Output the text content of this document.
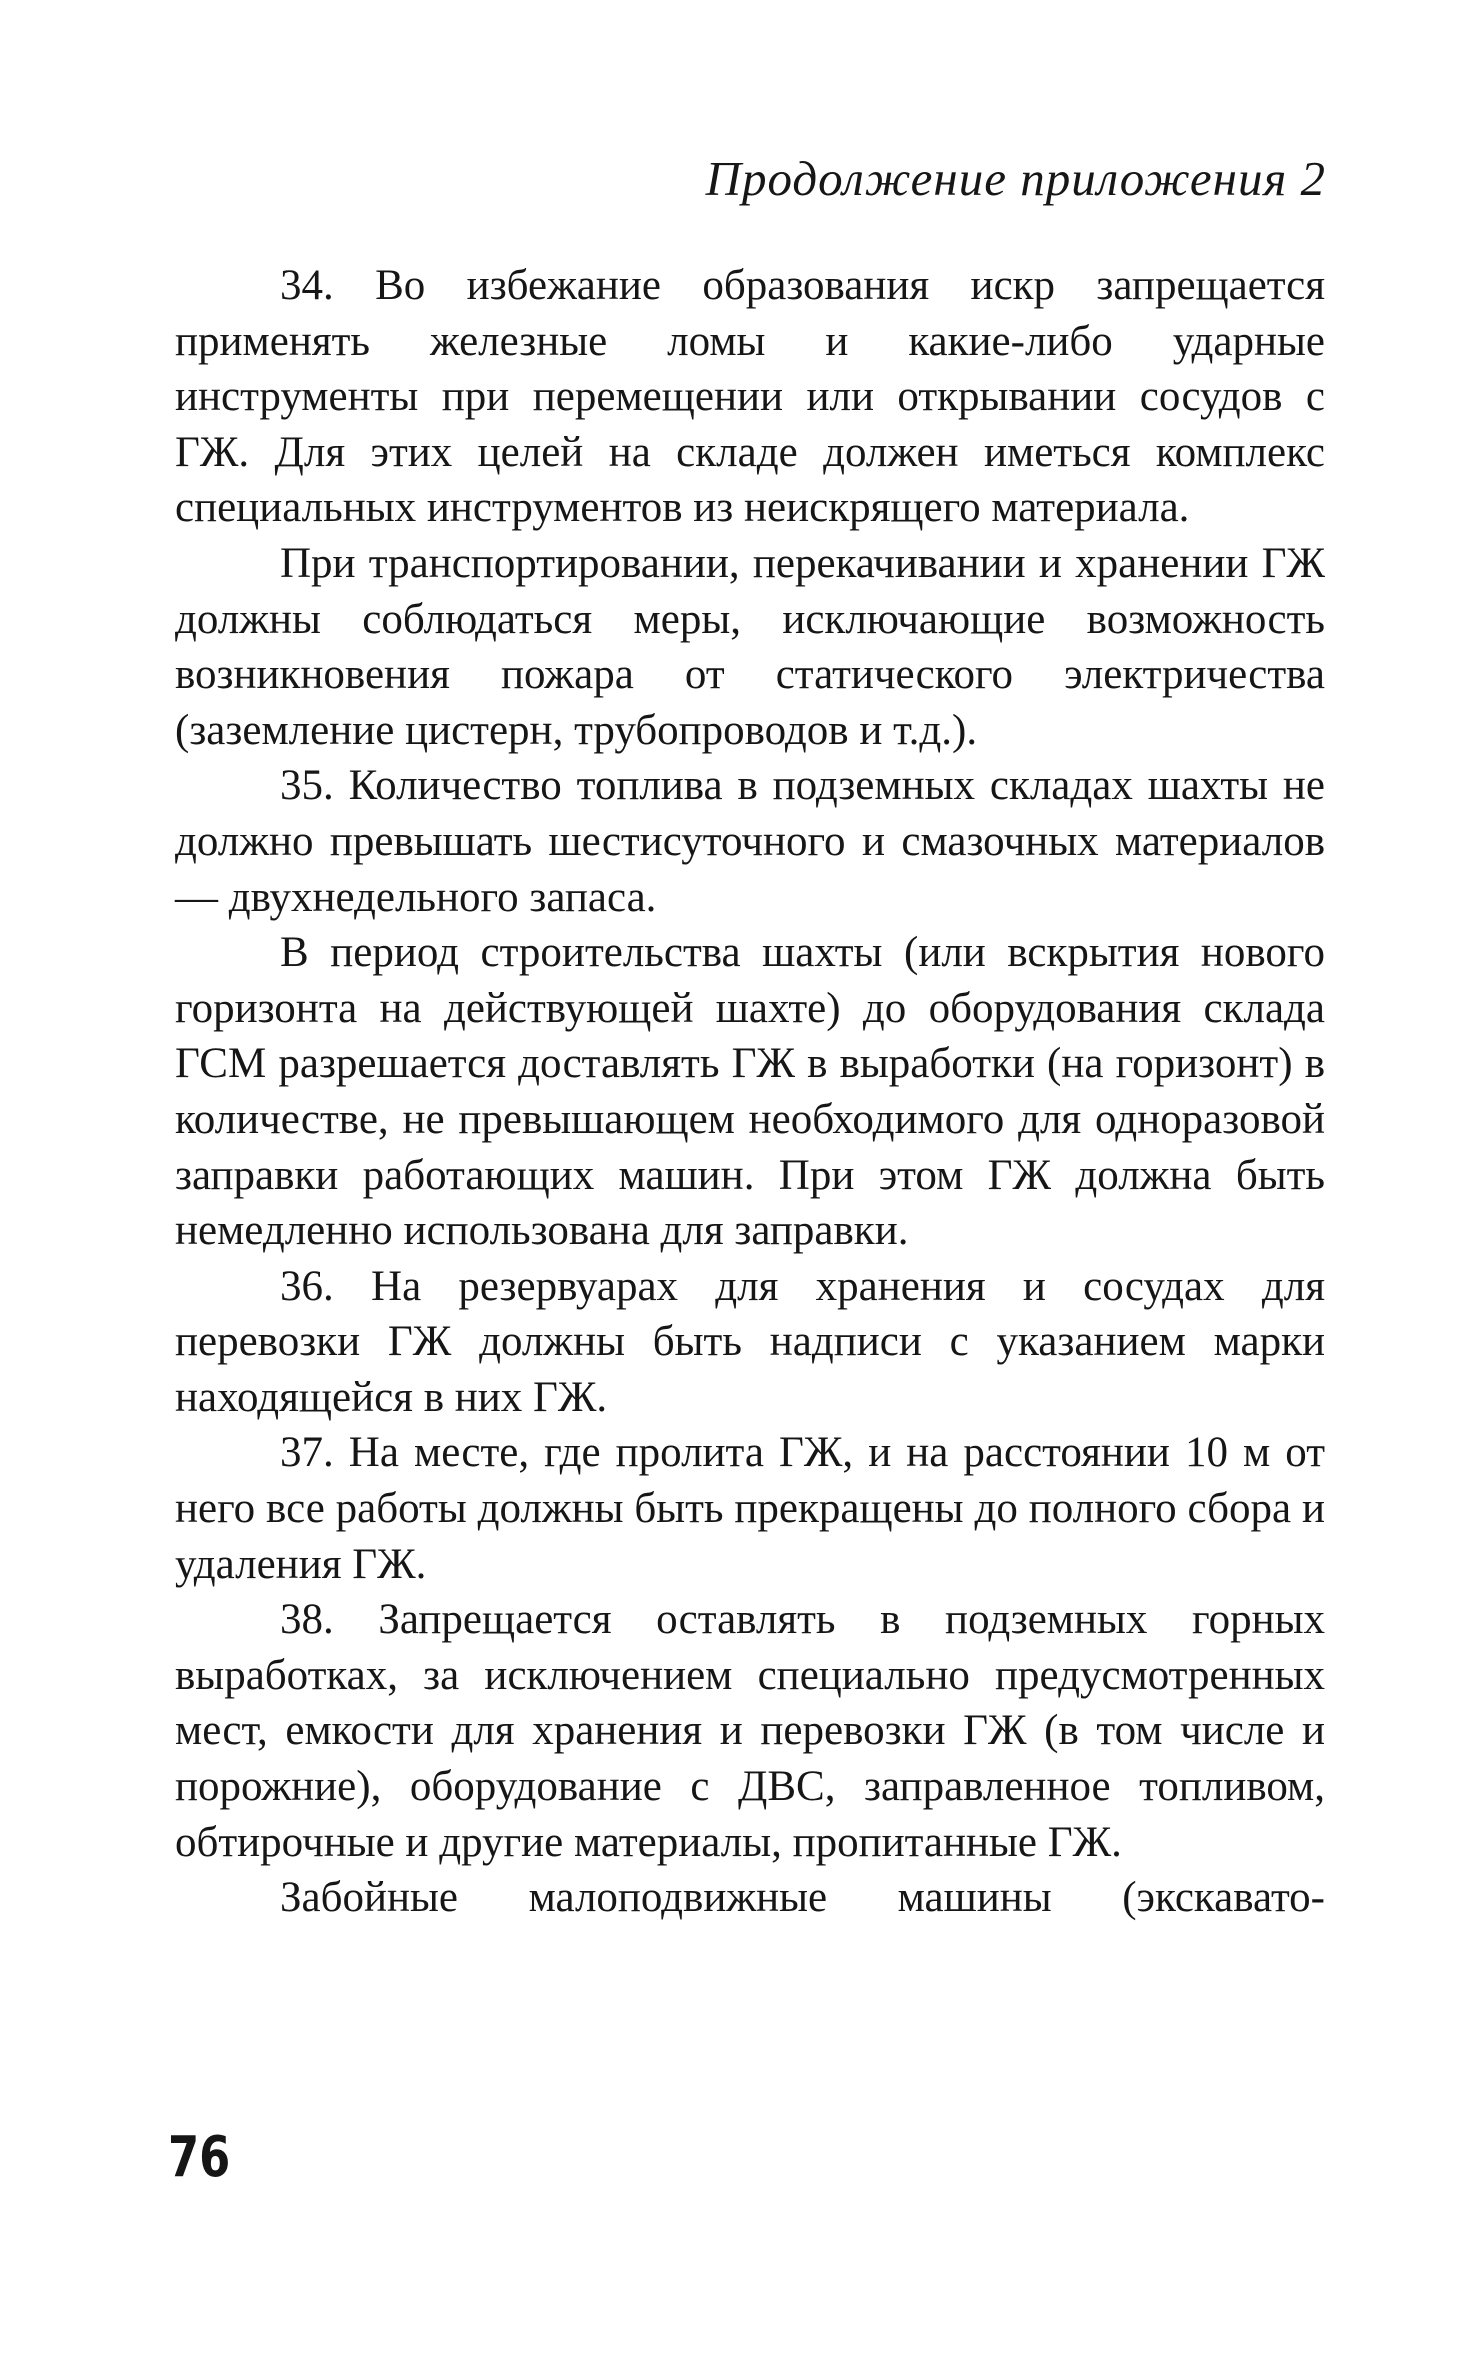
Продолжение приложения 2

34. Во избежание образования искр запрещается применять железные ломы и какие-либо ударные инструменты при перемещении или открывании сосудов с ГЖ. Для этих целей на складе должен иметься комплекс специальных инструментов из неискрящего материала.

При транспортировании, перекачивании и хранении ГЖ должны соблюдаться меры, исключающие возможность возникновения пожара от статического электричества (заземление цистерн, трубопроводов и т.д.).

35. Количество топлива в подземных складах шахты не должно превышать шестисуточного и смазочных материалов — двухнедельного запаса.

В период строительства шахты (или вскрытия нового горизонта на действующей шахте) до оборудования склада ГСМ разрешается доставлять ГЖ в выработки (на горизонт) в количестве, не превышающем необходимого для одноразовой заправки работающих машин. При этом ГЖ должна быть немедленно использована для заправки.

36. На резервуарах для хранения и сосудах для перевозки ГЖ должны быть надписи с указанием марки находящейся в них ГЖ.

37. На месте, где пролита ГЖ, и на расстоянии 10 м от него все работы должны быть прекращены до полного сбора и удаления ГЖ.

38. Запрещается оставлять в подземных горных выработках, за исключением специально предусмотренных мест, емкости для хранения и перевозки ГЖ (в том числе и порожние), оборудование с ДВС, заправленное топливом, обтирочные и другие материалы, пропитанные ГЖ.

Забойные малоподвижные машины (экскавато-

76
